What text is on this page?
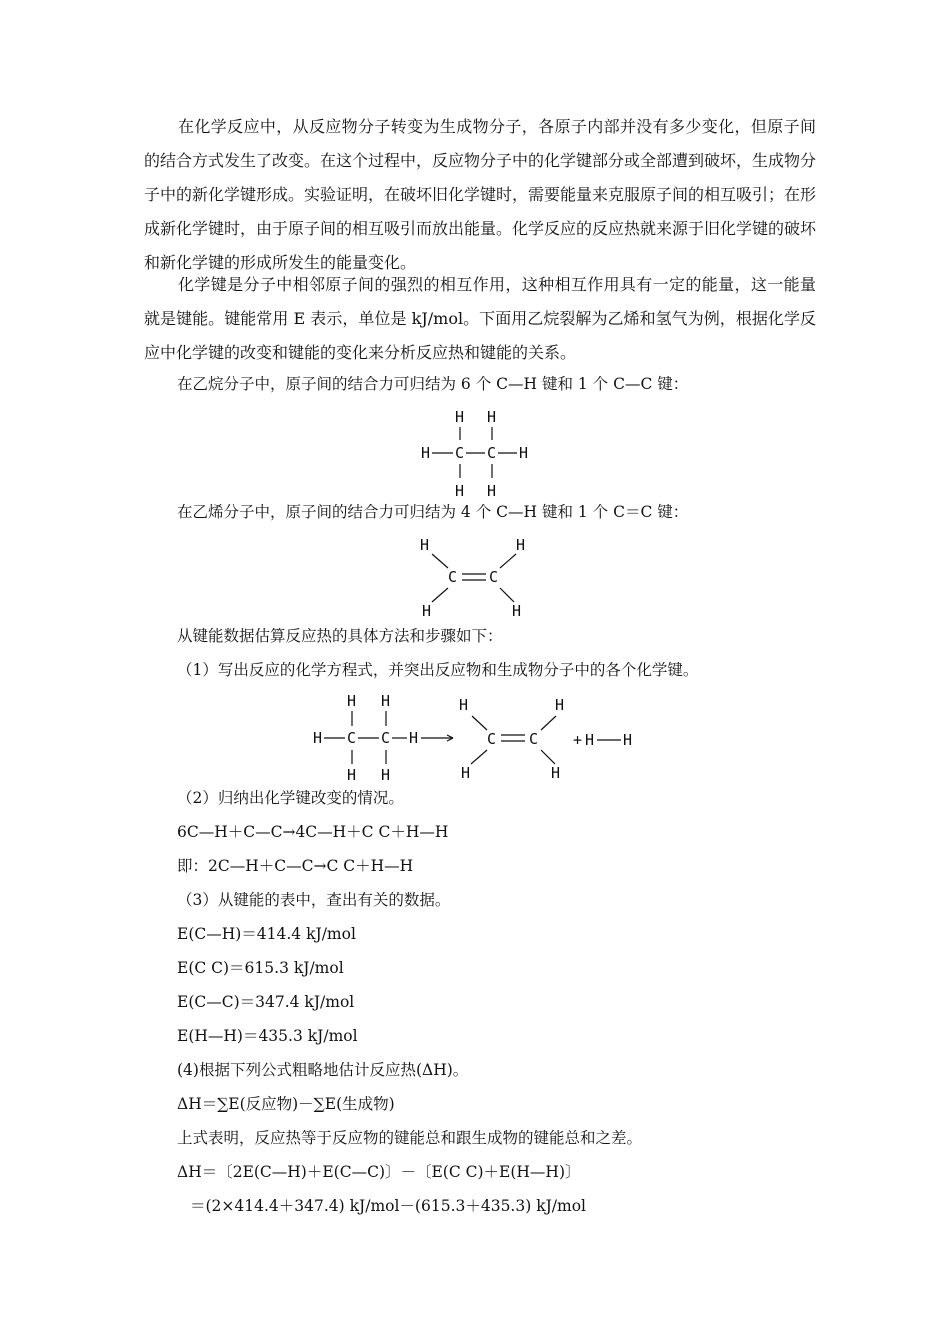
在化学反应中，从反应物分子转变为生成物分子，各原子内部并没有多少变化，但原子间的结合方式发生了改变。在这个过程中，反应物分子中的化学键部分或全部遭到破坏，生成物分子中的新化学键形成。实验证明，在破坏旧化学键时，需要能量来克服原子间的相互吸引；在形成新化学键时，由于原子间的相互吸引而放出能量。化学反应的反应热就来源于旧化学键的破坏和新化学键的形成所发生的能量变化。

化学键是分子中相邻原子间的强烈的相互作用，这种相互作用具有一定的能量，这一能量就是键能。键能常用 E 表示，单位是 kJ/mol。下面用乙烷裂解为乙烯和氢气为例，根据化学反应中化学键的改变和键能的变化来分析反应热和键能的关系。

在乙烷分子中，原子间的结合力可归结为 6 个 C—H 键和 1 个 C—C 键：

H H
H C C H
H H

在乙烯分子中，原子间的结合力可归结为 4 个 C—H 键和 1 个 C＝C 键：

H	H
C C
H	H

从键能数据估算反应热的具体方法和步骤如下：

（1）写出反应的化学方程式，并突出反应物和生成物分子中的各个化学键。

H H
H C C H
H H
H	H
C C
H	H
+ H H

（2）归纳出化学键改变的情况。

6C—H＋C—C→4C—H＋C C＋H—H

即：2C—H＋C—C→C C＋H—H

（3）从键能的表中，查出有关的数据。

E(C—H)＝414.4 kJ/mol

E(C C)＝615.3 kJ/mol

E(C—C)＝347.4 kJ/mol

E(H—H)＝435.3 kJ/mol

(4)根据下列公式粗略地估计反应热(ΔH)。

ΔH＝∑E(反应物)－∑E(生成物)

上式表明，反应热等于反应物的键能总和跟生成物的键能总和之差。

ΔH＝〔2E(C—H)＋E(C—C)〕－〔E(C C)＋E(H—H)〕

＝(2×414.4＋347.4) kJ/mol－(615.3＋435.3) kJ/mol
